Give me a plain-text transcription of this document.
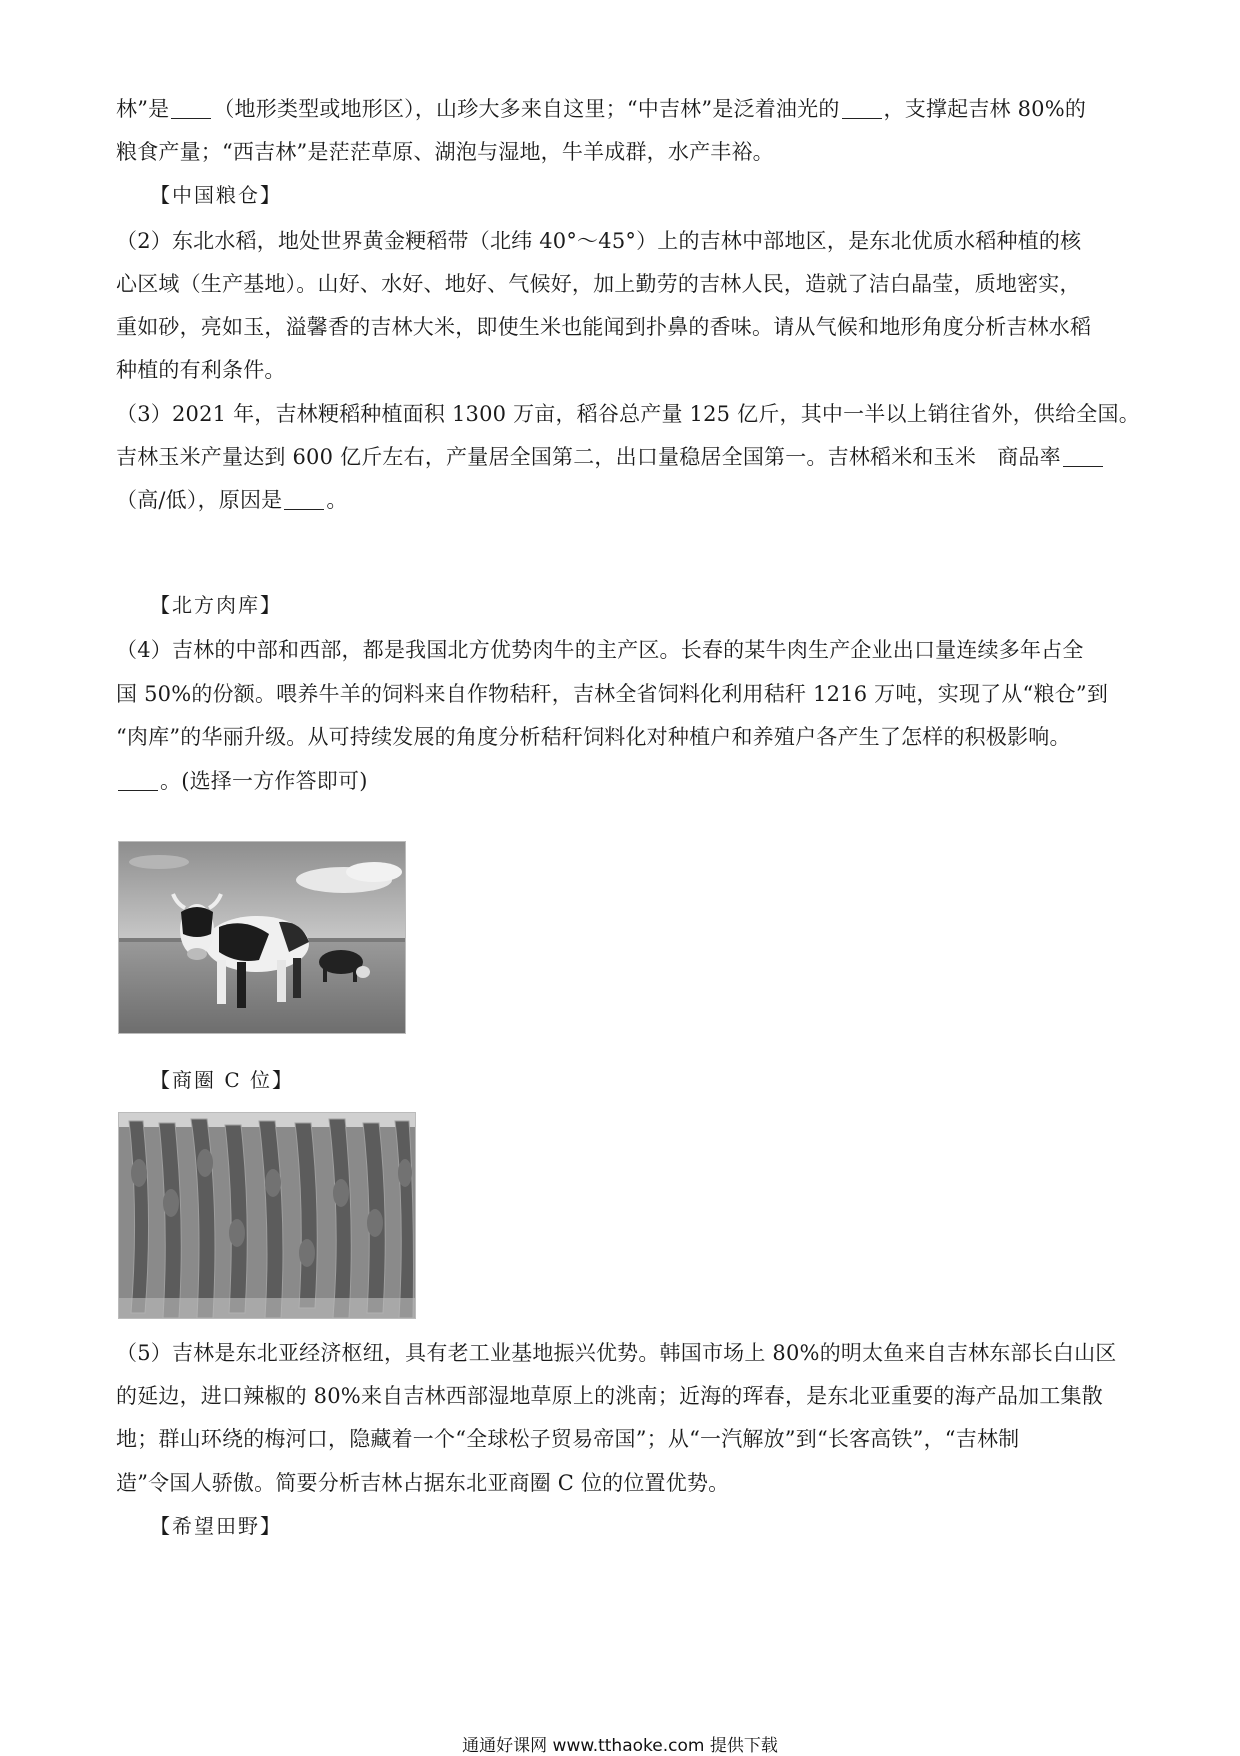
林”是 （地形类型或地形区），山珍大多来自这里；“中吉林”是泛着油光的 ，支撑起吉林 80%的
粮食产量；“西吉林”是茫茫草原、湖泡与湿地，牛羊成群，水产丰裕。
【中国粮仓】
（2）东北水稻，地处世界黄金粳稻带（北纬 40°～45°）上的吉林中部地区，是东北优质水稻种植的核
心区域（生产基地）。山好、水好、地好、气候好，加上勤劳的吉林人民，造就了洁白晶莹，质地密实，
重如砂，亮如玉，溢馨香的吉林大米，即使生米也能闻到扑鼻的香味。请从气候和地形角度分析吉林水稻
种植的有利条件。
（3）2021 年，吉林粳稻种植面积 1300 万亩，稻谷总产量 125 亿斤，其中一半以上销往省外，供给全国。
吉林玉米产量达到 600 亿斤左右，产量居全国第二，出口量稳居全国第一。吉林稻米和玉米　商品率
（高/低），原因是 。
【北方肉库】
（4）吉林的中部和西部，都是我国北方优势肉牛的主产区。长春的某牛肉生产企业出口量连续多年占全
国 50%的份额。喂养牛羊的饲料来自作物秸秆，吉林全省饲料化利用秸秆 1216 万吨，实现了从“粮仓”到
“肉库”的华丽升级。从可持续发展的角度分析秸秆饲料化对种植户和养殖户各产生了怎样的积极影响。
。(选择一方作答即可)
【商圈 C 位】
（5）吉林是东北亚经济枢纽，具有老工业基地振兴优势。韩国市场上 80%的明太鱼来自吉林东部长白山区
的延边，进口辣椒的 80%来自吉林西部湿地草原上的洮南；近海的珲春，是东北亚重要的海产品加工集散
地；群山环绕的梅河口，隐藏着一个“全球松子贸易帝国”；从“一汽解放”到“长客高铁”，“吉林制
造”令国人骄傲。简要分析吉林占据东北亚商圈 C 位的位置优势。
【希望田野】
通通好课网 www.tthaoke.com 提供下载
